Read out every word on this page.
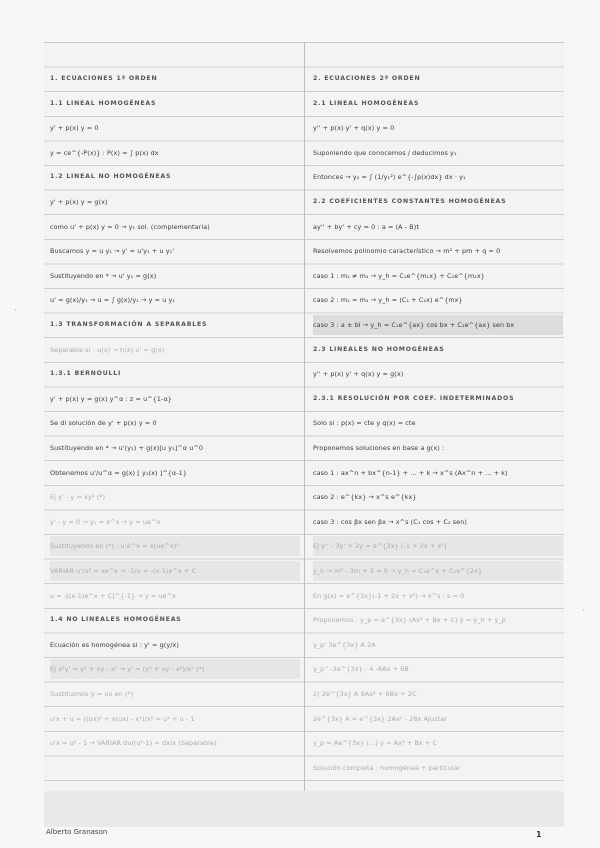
1. ECUACIONES 1ª ORDEN
1.1 LINEAL HOMOGÉNEAS
y' + p(x) y = 0
y = ce^{-P(x)} : P(x) = ∫ p(x) dx
1.2 LINEAL NO HOMOGÉNEAS
y' + p(x) y = g(x)
como u' + p(x) y = 0 → y₁ sol. (complementaria)
Buscamos y = u y₁ → y' = u'y₁ + u y₁'
Sustituyendo en * → u' y₁ = g(x)
u' = g(x)/y₁ → u = ∫ g(x)/y₁ → y = u y₁
1.3 TRANSFORMACIÓN A SEPARABLES
Separable si : u(x) → h(x) u' = g(x)
1.3.1 BERNOULLI
y' + p(x) y = g(x) y^α : z = u^{1-α}
Se di solución de y' + p(x) y = 0
Sustituyendo en * → u'(y₁) + g(x)[u y₁]^α u^0
Obtenemos u'/u^α = g(x) [ y₁(x) ]^{α-1}
Ej y' - y = xy² (*)
y' - y = 0 → y₁ = e^x → y = ue^x
Sustituyendo en (*) : u'e^x = x(ue^x)²
VARIAR u'/u² = xe^x → -1/u = -(x-1)e^x + C
u = -[(x-1)e^x + C]^{-1} → y = ue^x
1.4 NO LINEALES HOMOGÉNEAS
Ecuación es homogénea si : y' = g(y/x)
EJ x²y' = y² + xy - x² → y' = (y² + xy - x²)/x² (*)
Sustituimos y = ux en (*)
u'x + u = ((ux)² + x(ux) - x²)/x² = u² + u - 1
u'x = u² - 1 → VARIAR du/(u²-1) = dx/x (Separable)
2. ECUACIONES 2ª ORDEN
2.1 LINEAL HOMOGÉNEAS
y'' + p(x) y' + q(x) y = 0
Suponiendo que conocemos / deducimos y₁
Entonces → y₂ = ∫ (1/y₁²) e^{-∫p(x)dx} dx · y₁
2.2 COEFICIENTES CONSTANTES HOMOGÉNEAS
ay'' + by' + cy = 0 : a = (A - B)t
Resolvemos polinomio característico → m² + pm + q = 0
caso 1 : m₁ ≠ m₂ → y_h = C₁e^{m₁x} + C₂e^{m₂x}
caso 2 : m₁ = m₂ → y_h = (C₁ + C₂x) e^{mx}
caso 3 : a ± bi → y_h = C₁e^{ax} cos bx + C₂e^{ax} sen bx
2.3 LINEALES NO HOMOGÉNEAS
y'' + p(x) y' + q(x) y = g(x)
2.3.1 RESOLUCIÓN POR COEF. INDETERMINADOS
Solo si : p(x) = cte y q(x) = cte
Proponemos soluciones en base a g(x) :
caso 1 : ax^n + bx^{n-1} + ... + k → x^s (Ax^n + ... + k)
caso 2 : e^{kx} → x^s e^{kx}
caso 3 : cos βx sen βx → x^s (C₁ cos + C₂ sen)
EJ y'' - 3y' + 2y = e^{3x} (-1 + 2x + x²)
y_h → m² - 3m + 2 = 0 → y_h = C₁e^x + C₂e^{2x}
En g(x) = e^{3x}(-1 + 2x + x²) → x^s : s = 0
Proponemos : y_p = e^{3x} (Ax² + Bx + C) y = y_h + y_p
y_p' 3e^{3x} A 2A
y_p'' -3e^{3x} - 4 -6Ax + 6B
2) 2e^{3x} A 9Ax² + 6Bx + 2C
2e^{3x} A = e^{3x} 2Ax² - 28x Ajustar
y_p = Ae^{3x} (...) y = Ax² + Bx + C
Solución completa : homogénea + particular
·
·
Alberto Granason	1
